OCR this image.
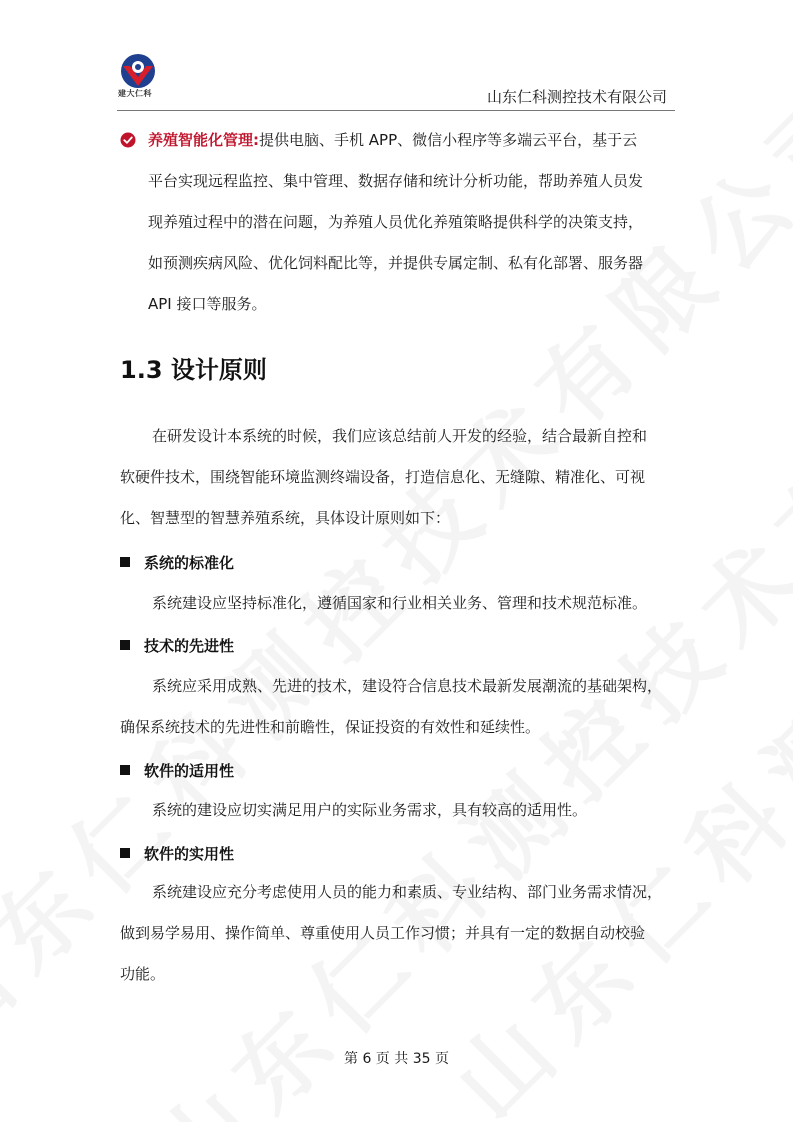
建大仁科	山东仁科测控技术有限公司
养殖智能化管理:提供电脑、手机 APP、微信小程序等多端云平台，基于云
平台实现远程监控、集中管理、数据存储和统计分析功能，帮助养殖人员发
现养殖过程中的潜在问题，为养殖人员优化养殖策略提供科学的决策支持，
如预测疾病风险、优化饲料配比等，并提供专属定制、私有化部署、服务器
API 接口等服务。
1.3 设计原则
在研发设计本系统的时候，我们应该总结前人开发的经验，结合最新自控和
软硬件技术，围绕智能环境监测终端设备，打造信息化、无缝隙、精准化、可视
化、智慧型的智慧养殖系统，具体设计原则如下：
系统的标准化
系统建设应坚持标准化，遵循国家和行业相关业务、管理和技术规范标准。
技术的先进性
系统应采用成熟、先进的技术，建设符合信息技术最新发展潮流的基础架构，
确保系统技术的先进性和前瞻性，保证投资的有效性和延续性。
软件的适用性
系统的建设应切实满足用户的实际业务需求，具有较高的适用性。
软件的实用性
系统建设应充分考虑使用人员的能力和素质、专业结构、部门业务需求情况，
做到易学易用、操作简单、尊重使用人员工作习惯；并具有一定的数据自动校验
功能。
第 6 页 共 35 页
